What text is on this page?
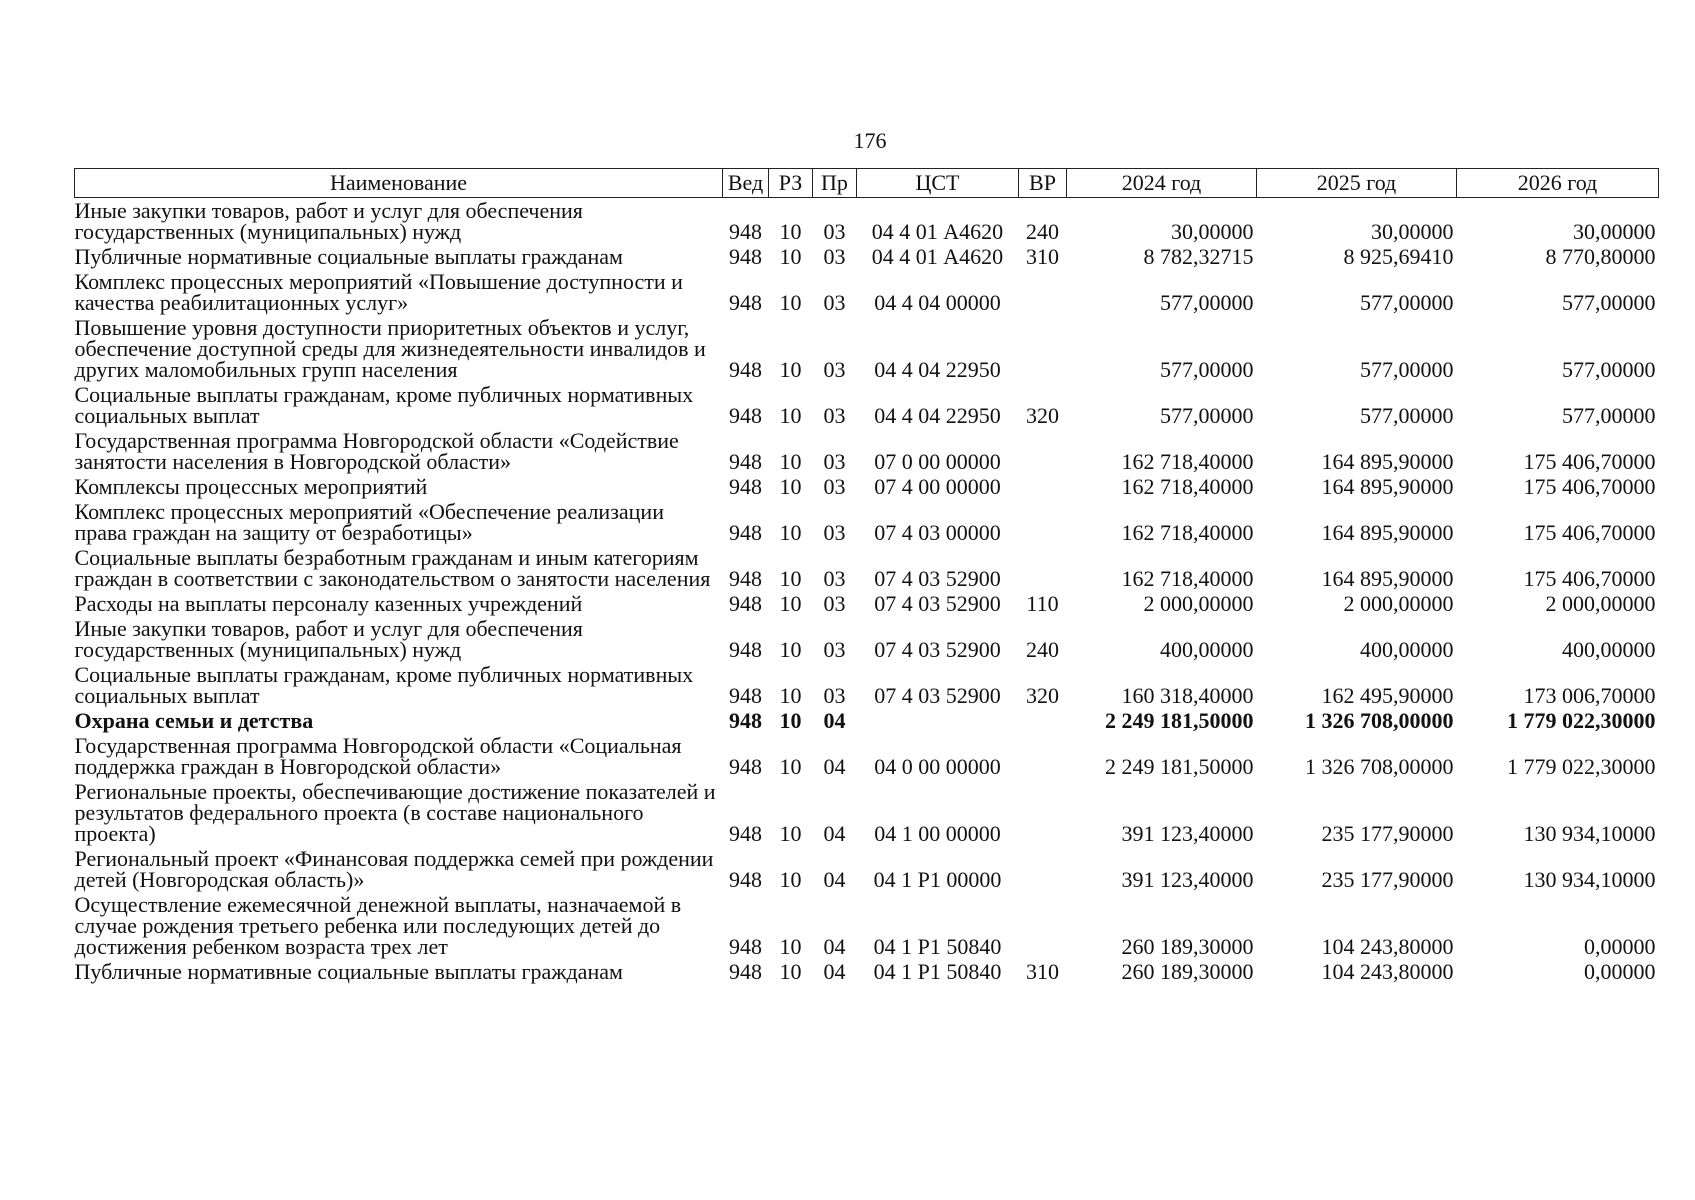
176
Наименование	Вед	РЗ	Пр	ЦСТ	ВР	2024 год	2025 год	2026 год
Иные закупки товаров, работ и услуг для обеспечения государственных (муниципальных) нужд	948	10	03	04 4 01 А4620	240	30,00000	30,00000	30,00000
Публичные нормативные социальные выплаты гражданам	948	10	03	04 4 01 А4620	310	8 782,32715	8 925,69410	8 770,80000
Комплекс процессных мероприятий «Повышение доступности и качества реабилитационных услуг»	948	10	03	04 4 04 00000		577,00000	577,00000	577,00000
Повышение уровня доступности приоритетных объектов и услуг, обеспечение доступной среды для жизнедеятельности инвалидов и других маломобильных групп населения	948	10	03	04 4 04 22950		577,00000	577,00000	577,00000
Социальные выплаты гражданам, кроме публичных нормативных социальных выплат	948	10	03	04 4 04 22950	320	577,00000	577,00000	577,00000
Государственная программа Новгородской области «Содействие занятости населения в Новгородской области»	948	10	03	07 0 00 00000		162 718,40000	164 895,90000	175 406,70000
Комплексы процессных мероприятий	948	10	03	07 4 00 00000		162 718,40000	164 895,90000	175 406,70000
Комплекс процессных мероприятий «Обеспечение реализации права граждан на защиту от безработицы»	948	10	03	07 4 03 00000		162 718,40000	164 895,90000	175 406,70000
Социальные выплаты безработным гражданам и иным категориям граждан в соответствии с законодательством о занятости населения	948	10	03	07 4 03 52900		162 718,40000	164 895,90000	175 406,70000
Расходы на выплаты персоналу казенных учреждений	948	10	03	07 4 03 52900	110	2 000,00000	2 000,00000	2 000,00000
Иные закупки товаров, работ и услуг для обеспечения государственных (муниципальных) нужд	948	10	03	07 4 03 52900	240	400,00000	400,00000	400,00000
Социальные выплаты гражданам, кроме публичных нормативных социальных выплат	948	10	03	07 4 03 52900	320	160 318,40000	162 495,90000	173 006,70000
Охрана семьи и детства	948	10	04			2 249 181,50000	1 326 708,00000	1 779 022,30000
Государственная программа Новгородской области «Социальная поддержка граждан в Новгородской области»	948	10	04	04 0 00 00000		2 249 181,50000	1 326 708,00000	1 779 022,30000
Региональные проекты, обеспечивающие достижение показателей и результатов федерального проекта (в составе национального проекта)	948	10	04	04 1 00 00000		391 123,40000	235 177,90000	130 934,10000
Региональный проект «Финансовая поддержка семей при рождении детей (Новгородская область)»	948	10	04	04 1 Р1 00000		391 123,40000	235 177,90000	130 934,10000
Осуществление ежемесячной денежной выплаты, назначаемой в случае рождения третьего ребенка или последующих детей до достижения ребенком возраста трех лет	948	10	04	04 1 Р1 50840		260 189,30000	104 243,80000	0,00000
Публичные нормативные социальные выплаты гражданам	948	10	04	04 1 Р1 50840	310	260 189,30000	104 243,80000	0,00000
